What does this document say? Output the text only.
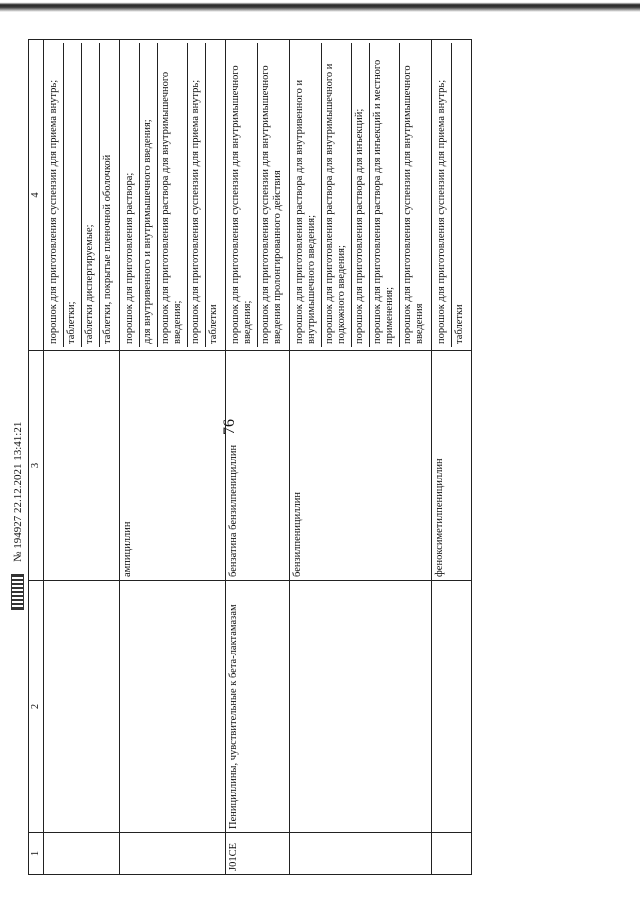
76
1	2	3	4

			порошок для приготовления суспензии для приема внутрь; таблетки; таблетки диспергируемые; таблетки, покрытые пленочной оболочкой

		ампициллин	порошок для приготовления раствора; для внутривенного и внутримышечного введения; порошок для приготовления раствора для внутримышечного введения; порошок для приготовления суспензии для приема внутрь; таблетки

J01CE	Пенициллины, чувствительные к бета-лактамазам	бензатина бензилпенициллин	порошок для приготовления суспензии для внутримышечного введения; порошок для приготовления суспензии для внутримышечного введения пролонгированного действия

		бензилпенициллин	порошок для приготовления раствора для внутривенного и внутримышечного введения; порошок для приготовления раствора для внутримышечного и подкожного введения; порошок для приготовления раствора для инъекций; порошок для приготовления раствора для инъекций и местного применения; порошок для приготовления суспензии для внутримышечного введения

		феноксиметилпенициллин	порошок для приготовления суспензии для приема внутрь; таблетки
№ 194927 22.12.2021 13:41:21
